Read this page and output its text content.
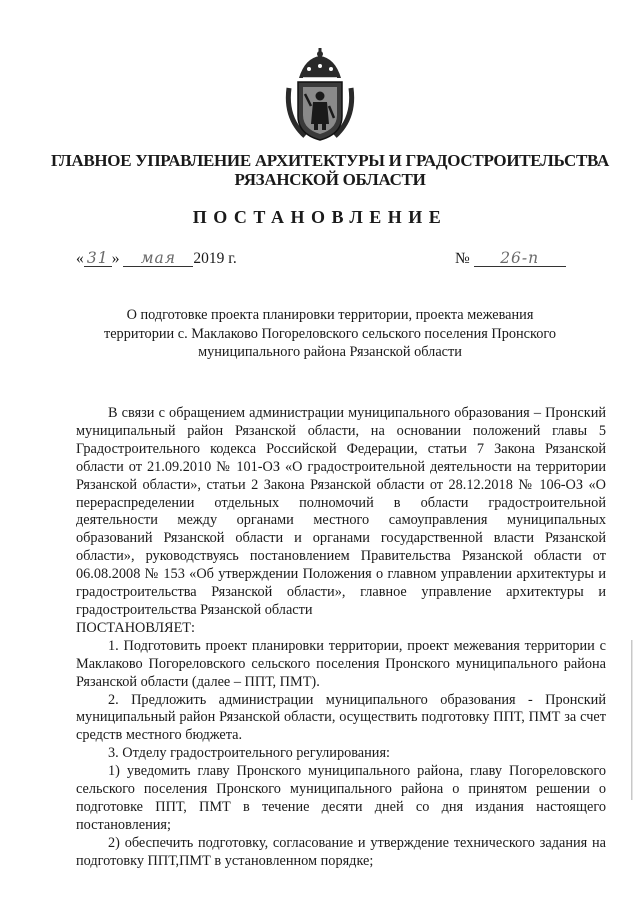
ГЛАВНОЕ УПРАВЛЕНИЕ АРХИТЕКТУРЫ И ГРАДОСТРОИТЕЛЬСТВА
РЯЗАНСКОЙ ОБЛАСТИ
ПОСТАНОВЛЕНИЕ
« 31 » мая 2019 г.	№ 26-п
О подготовке проекта планировки территории, проекта межевания
территории с. Маклаково Погореловского сельского поселения Пронского
муниципального района Рязанской области

В связи с обращением администрации муниципального образования – Пронский муниципальный район Рязанской области, на основании положений главы 5 Градостроительного кодекса Российской Федерации, статьи 7 Закона Рязанской области от 21.09.2010 № 101-ОЗ «О градостроительной деятельности на территории Рязанской области», статьи 2 Закона Рязанской области от 28.12.2018 № 106-ОЗ «О перераспределении отдельных полномочий в области градостроительной деятельности между органами местного самоуправления муниципальных образований Рязанской области и органами государственной власти Рязанской области», руководствуясь постановлением Правительства Рязанской области от 06.08.2008 № 153 «Об утверждении Положения о главном управлении архитектуры и градостроительства Рязанской области», главное управление архитектуры и градостроительства Рязанской области

ПОСТАНОВЛЯЕТ:

1. Подготовить проект планировки территории, проект межевания территории с Маклаково Погореловского сельского поселения Пронского муниципального района Рязанской области (далее – ППТ, ПМТ).

2. Предложить администрации муниципального образования - Пронский муниципальный район Рязанской области, осуществить подготовку ППТ, ПМТ за счет средств местного бюджета.

3. Отделу градостроительного регулирования:

1) уведомить главу Пронского муниципального района, главу Погореловского сельского поселения Пронского муниципального района о принятом решении о подготовке ППТ, ПМТ в течение десяти дней со дня издания настоящего постановления;

2) обеспечить подготовку, согласование и утверждение технического задания на подготовку ППТ,ПМТ в установленном порядке;
